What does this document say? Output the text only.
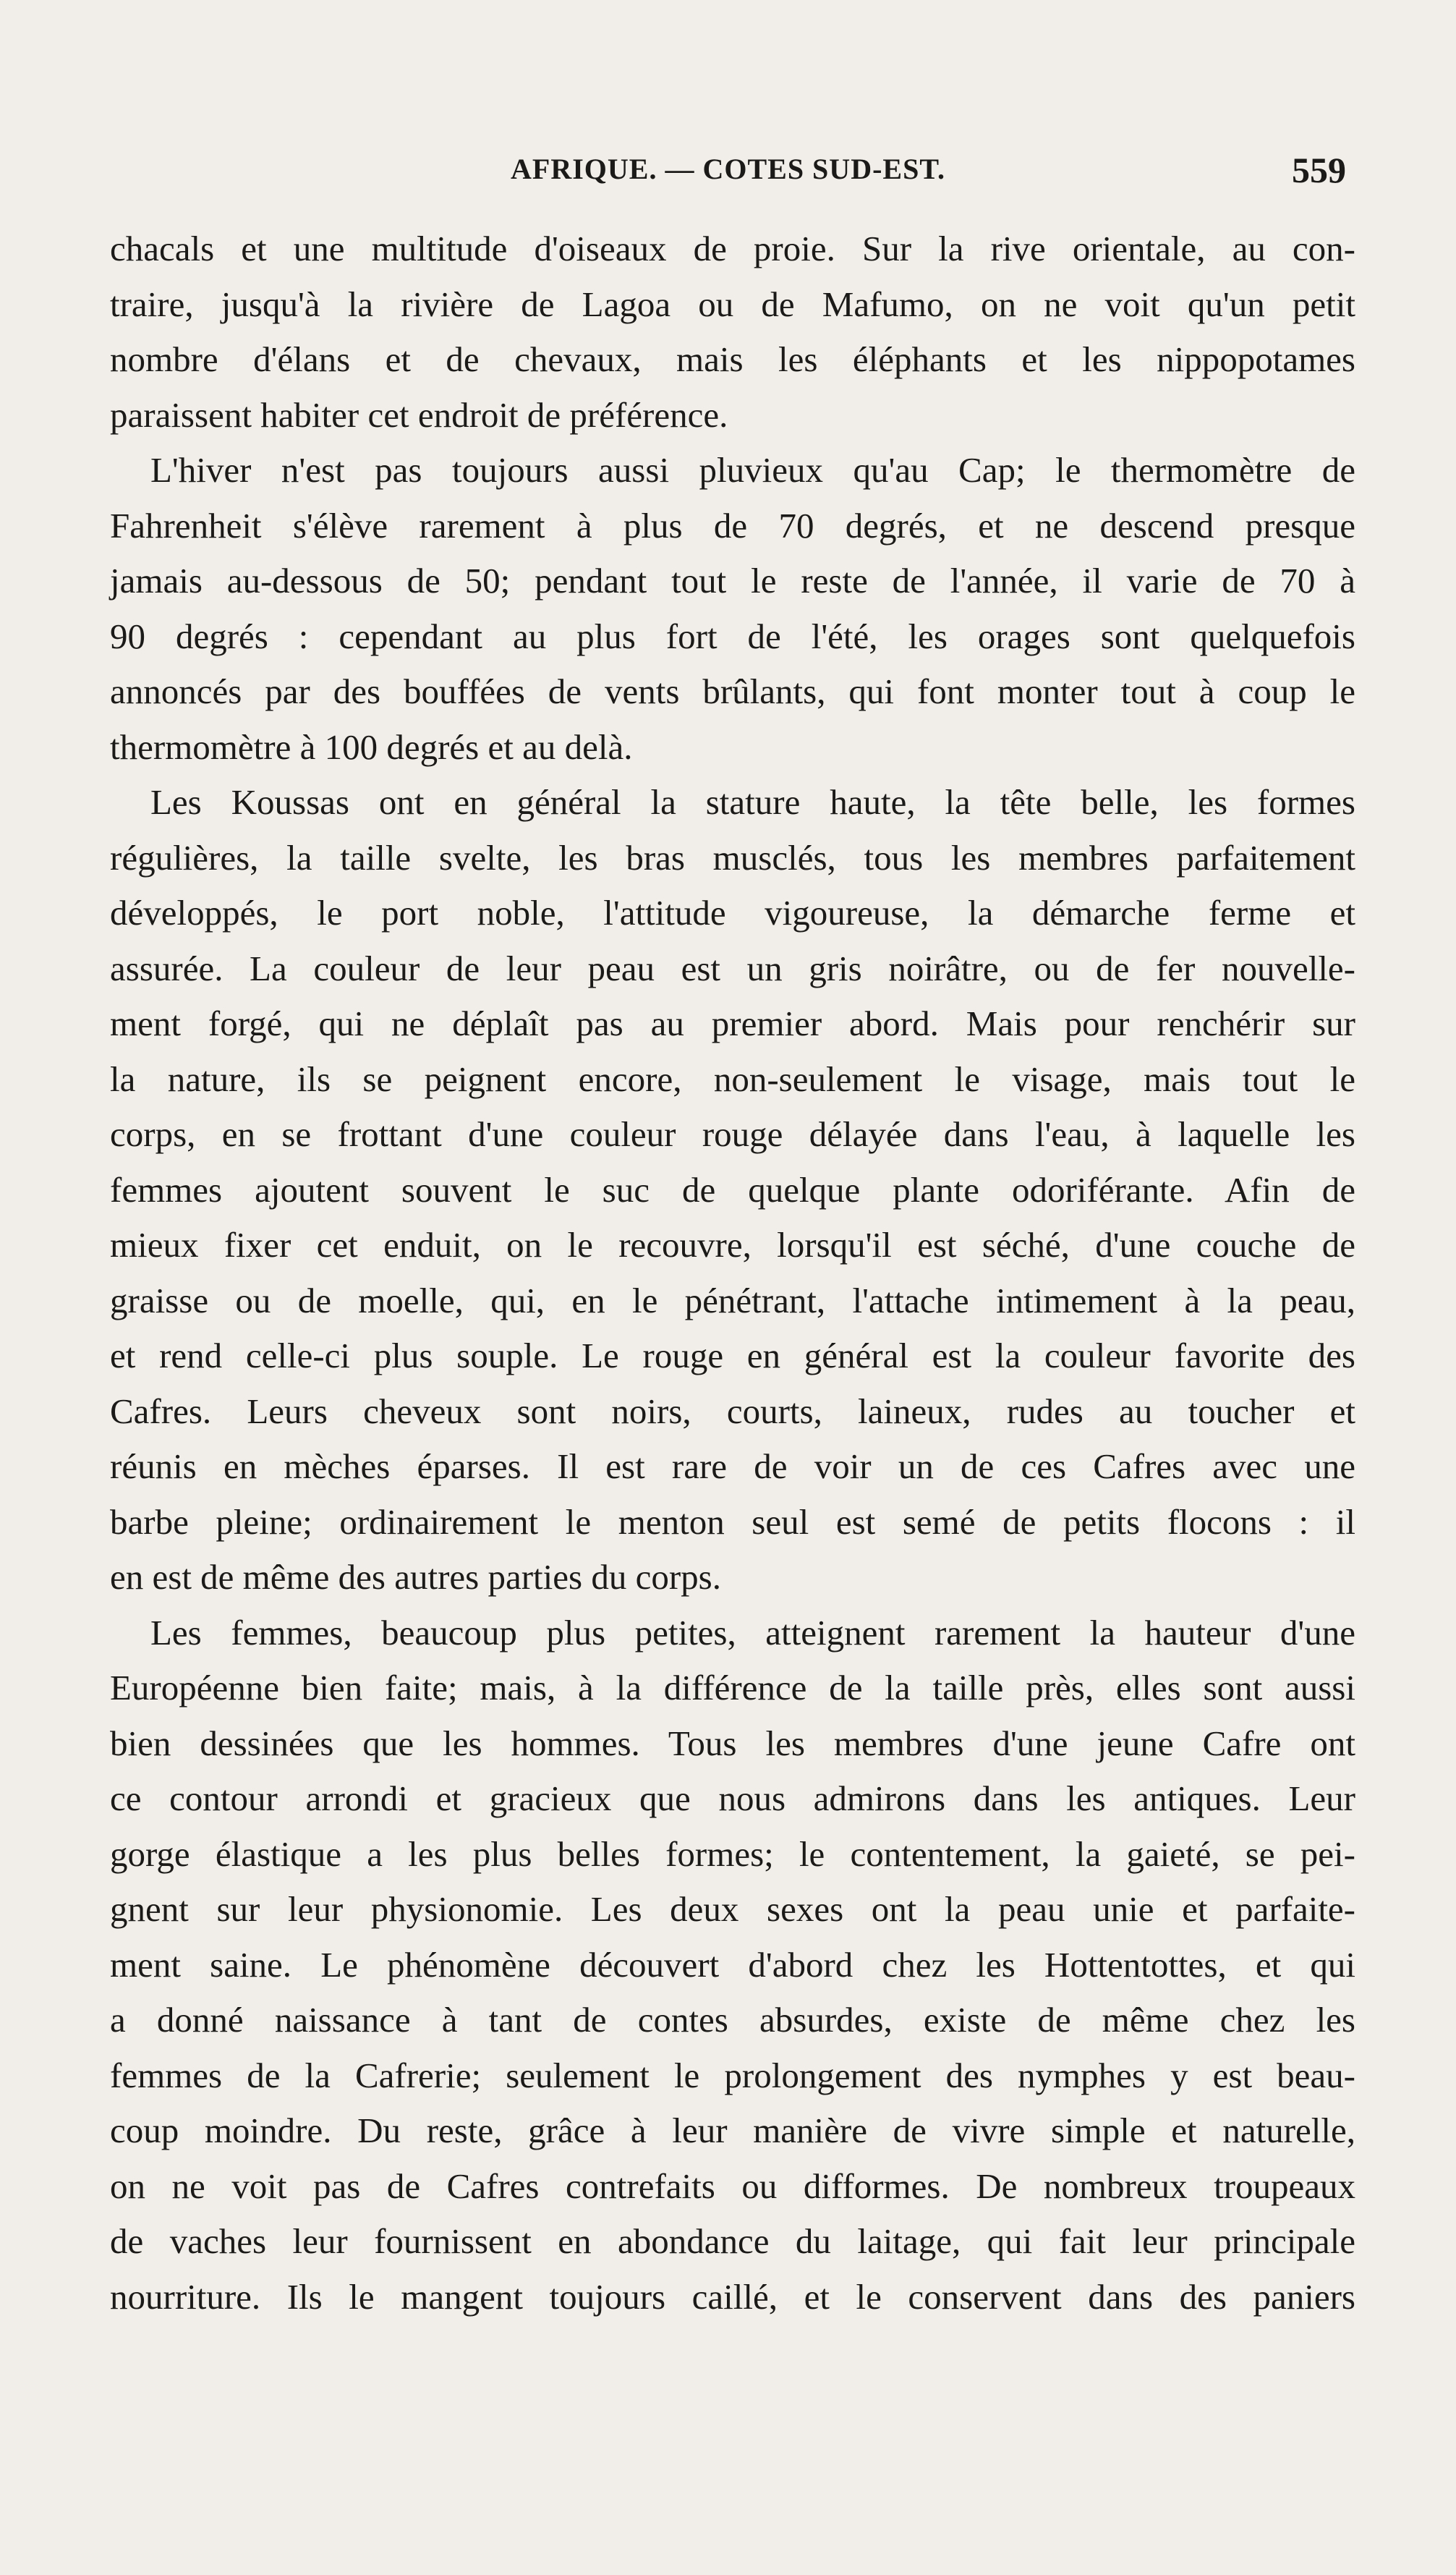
AFRIQUE. — COTES SUD-EST.	559
chacals et une multitude d'oiseaux de proie. Sur la rive orientale, au con-
traire, jusqu'à la rivière de Lagoa ou de Mafumo, on ne voit qu'un petit
nombre d'élans et de chevaux, mais les éléphants et les nippopotames
paraissent habiter cet endroit de préférence.
L'hiver n'est pas toujours aussi pluvieux qu'au Cap; le thermomètre de
Fahrenheit s'élève rarement à plus de 70 degrés, et ne descend presque
jamais au-dessous de 50; pendant tout le reste de l'année, il varie de 70 à
90 degrés : cependant au plus fort de l'été, les orages sont quelquefois
annoncés par des bouffées de vents brûlants, qui font monter tout à coup le
thermomètre à 100 degrés et au delà.
Les Koussas ont en général la stature haute, la tête belle, les formes
régulières, la taille svelte, les bras musclés, tous les membres parfaitement
développés, le port noble, l'attitude vigoureuse, la démarche ferme et
assurée. La couleur de leur peau est un gris noirâtre, ou de fer nouvelle-
ment forgé, qui ne déplaît pas au premier abord. Mais pour renchérir sur
la nature, ils se peignent encore, non-seulement le visage, mais tout le
corps, en se frottant d'une couleur rouge délayée dans l'eau, à laquelle les
femmes ajoutent souvent le suc de quelque plante odoriférante. Afin de
mieux fixer cet enduit, on le recouvre, lorsqu'il est séché, d'une couche de
graisse ou de moelle, qui, en le pénétrant, l'attache intimement à la peau,
et rend celle-ci plus souple. Le rouge en général est la couleur favorite des
Cafres. Leurs cheveux sont noirs, courts, laineux, rudes au toucher et
réunis en mèches éparses. Il est rare de voir un de ces Cafres avec une
barbe pleine; ordinairement le menton seul est semé de petits flocons : il
en est de même des autres parties du corps.
Les femmes, beaucoup plus petites, atteignent rarement la hauteur d'une
Européenne bien faite; mais, à la différence de la taille près, elles sont aussi
bien dessinées que les hommes. Tous les membres d'une jeune Cafre ont
ce contour arrondi et gracieux que nous admirons dans les antiques. Leur
gorge élastique a les plus belles formes; le contentement, la gaieté, se pei-
gnent sur leur physionomie. Les deux sexes ont la peau unie et parfaite-
ment saine. Le phénomène découvert d'abord chez les Hottentottes, et qui
a donné naissance à tant de contes absurdes, existe de même chez les
femmes de la Cafrerie; seulement le prolongement des nymphes y est beau-
coup moindre. Du reste, grâce à leur manière de vivre simple et naturelle,
on ne voit pas de Cafres contrefaits ou difformes. De nombreux troupeaux
de vaches leur fournissent en abondance du laitage, qui fait leur principale
nourriture. Ils le mangent toujours caillé, et le conservent dans des paniers
